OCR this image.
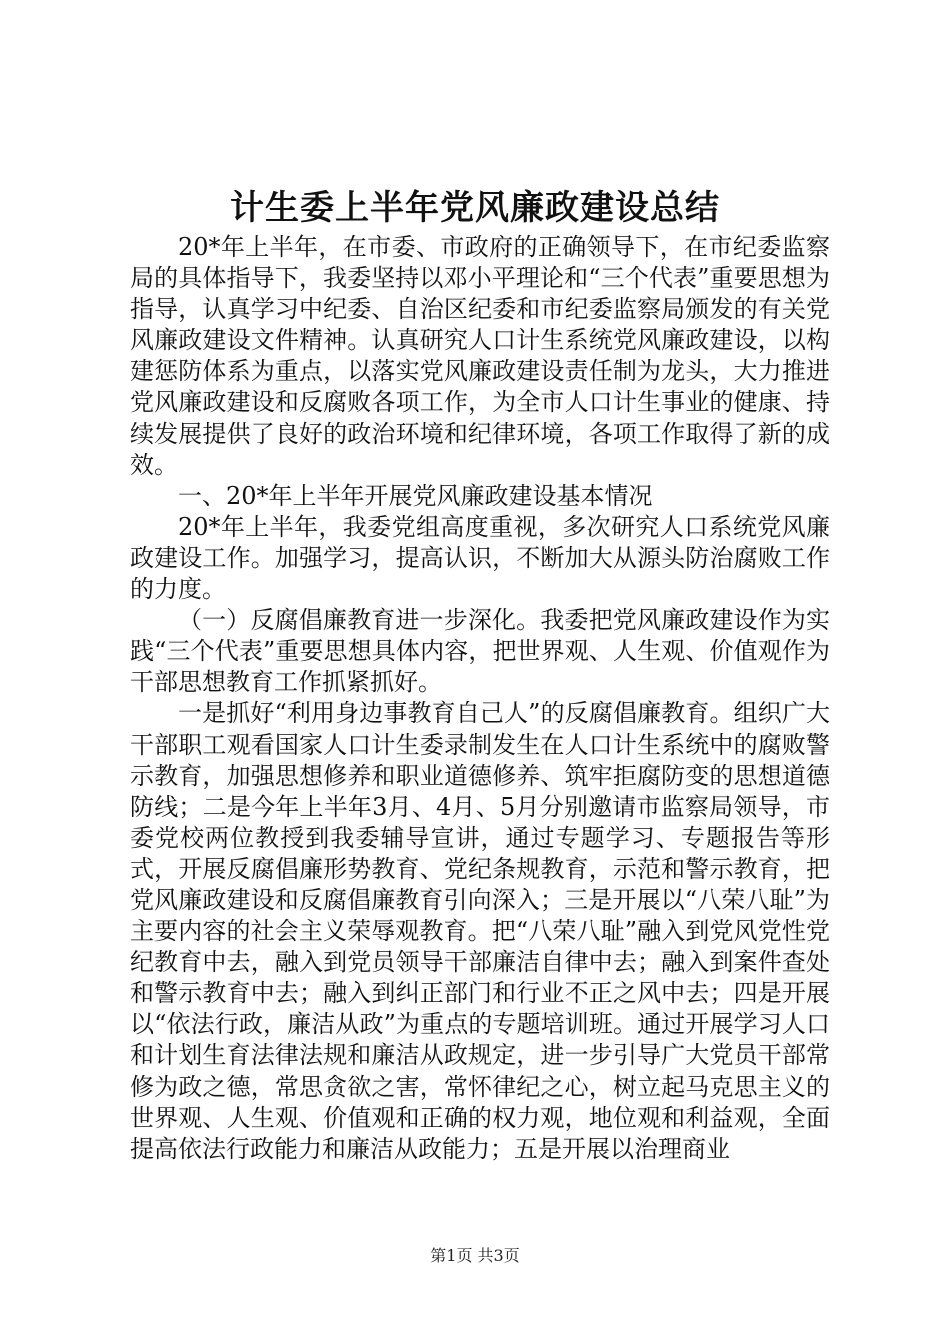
计生委上半年党风廉政建设总结

20*年上半年，在市委、市政府的正确领导下，在市纪委监察局的具体指导下，我委坚持以邓小平理论和“三个代表”重要思想为指导，认真学习中纪委、自治区纪委和市纪委监察局颁发的有关党风廉政建设文件精神。认真研究人口计生系统党风廉政建设，以构建惩防体系为重点，以落实党风廉政建设责任制为龙头，大力推进党风廉政建设和反腐败各项工作，为全市人口计生事业的健康、持续发展提供了良好的政治环境和纪律环境，各项工作取得了新的成效。

一、20*年上半年开展党风廉政建设基本情况

20*年上半年，我委党组高度重视，多次研究人口系统党风廉政建设工作。加强学习，提高认识，不断加大从源头防治腐败工作的力度。

（一）反腐倡廉教育进一步深化。我委把党风廉政建设作为实践“三个代表”重要思想具体内容，把世界观、人生观、价值观作为干部思想教育工作抓紧抓好。

一是抓好“利用身边事教育自己人”的反腐倡廉教育。组织广大干部职工观看国家人口计生委录制发生在人口计生系统中的腐败警示教育，加强思想修养和职业道德修养、筑牢拒腐防变的思想道德防线；二是今年上半年3月、4月、5月分别邀请市监察局领导，市委党校两位教授到我委辅导宣讲，通过专题学习、专题报告等形式，开展反腐倡廉形势教育、党纪条规教育，示范和警示教育，把党风廉政建设和反腐倡廉教育引向深入；三是开展以“八荣八耻”为主要内容的社会主义荣辱观教育。把“八荣八耻”融入到党风党性党纪教育中去，融入到党员领导干部廉洁自律中去；融入到案件查处和警示教育中去；融入到纠正部门和行业不正之风中去；四是开展以“依法行政，廉洁从政”为重点的专题培训班。通过开展学习人口和计划生育法律法规和廉洁从政规定，进一步引导广大党员干部常修为政之德，常思贪欲之害，常怀律纪之心，树立起马克思主义的世界观、人生观、价值观和正确的权力观，地位观和利益观，全面提高依法行政能力和廉洁从政能力；五是开展以治理商业

第1页 共3页
